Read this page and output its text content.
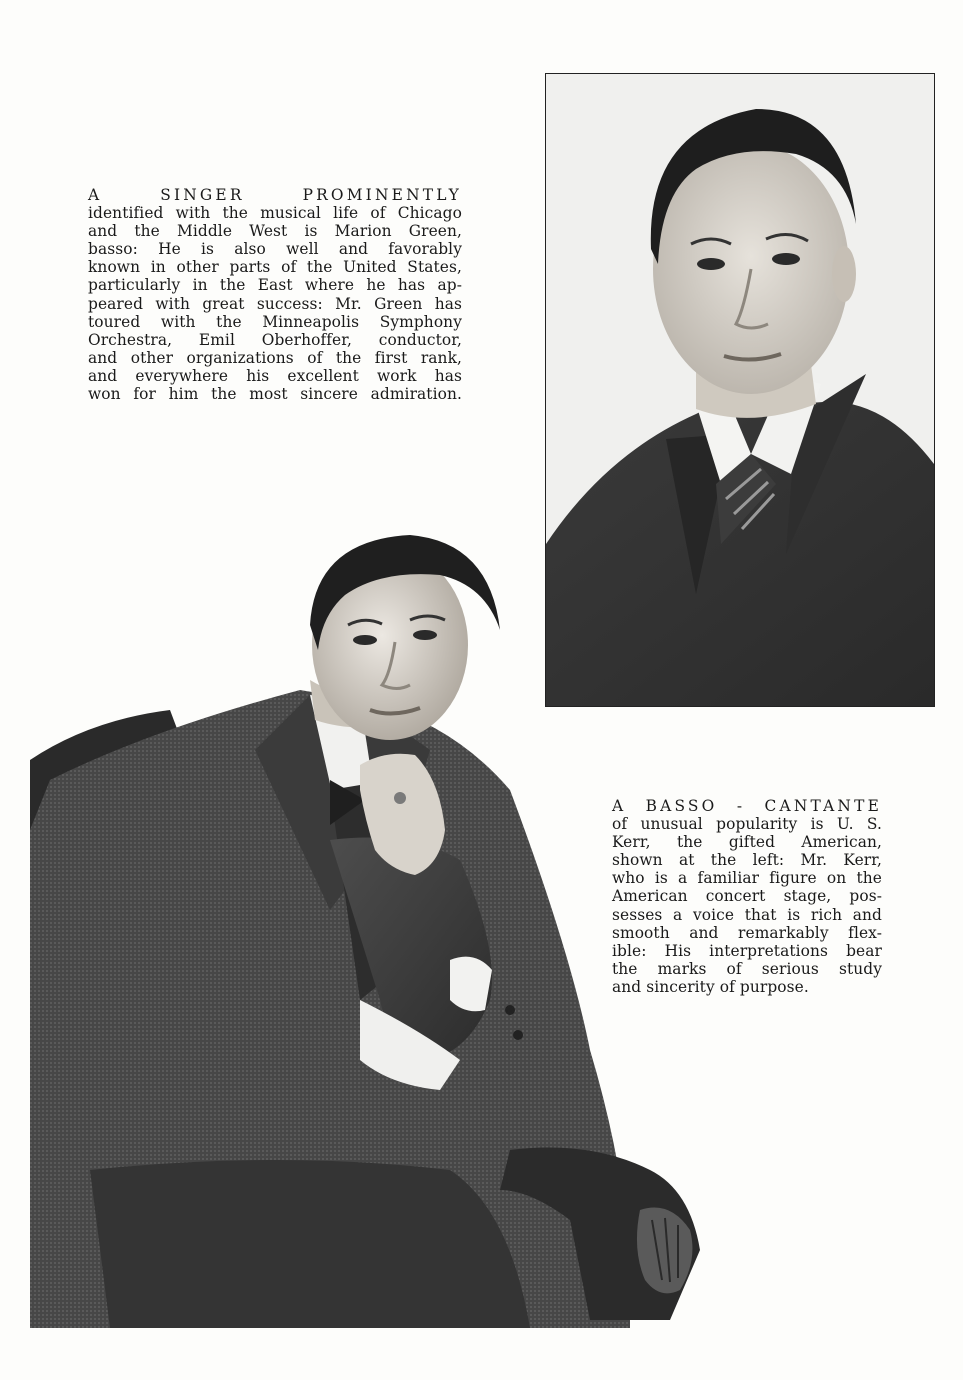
A SINGER PROMINENTLY
identified with the musical life of Chicago
and the Middle West is Marion Green,
basso: He is also well and favorably
known in other parts of the United States,
particularly in the East where he has ap-
peared with great success: Mr. Green has
toured with the Minneapolis Symphony
Orchestra, Emil Oberhoffer, conductor,
and other organizations of the first rank,
and everywhere his excellent work has
won for him the most sincere admiration.
A BASSO - CANTANTE
of unusual popularity is U. S.
Kerr, the gifted American,
shown at the left: Mr. Kerr,
who is a familiar figure on the
American concert stage, pos-
sesses a voice that is rich and
smooth and remarkably flex-
ible: His interpretations bear
the marks of serious study
and sincerity of purpose.
